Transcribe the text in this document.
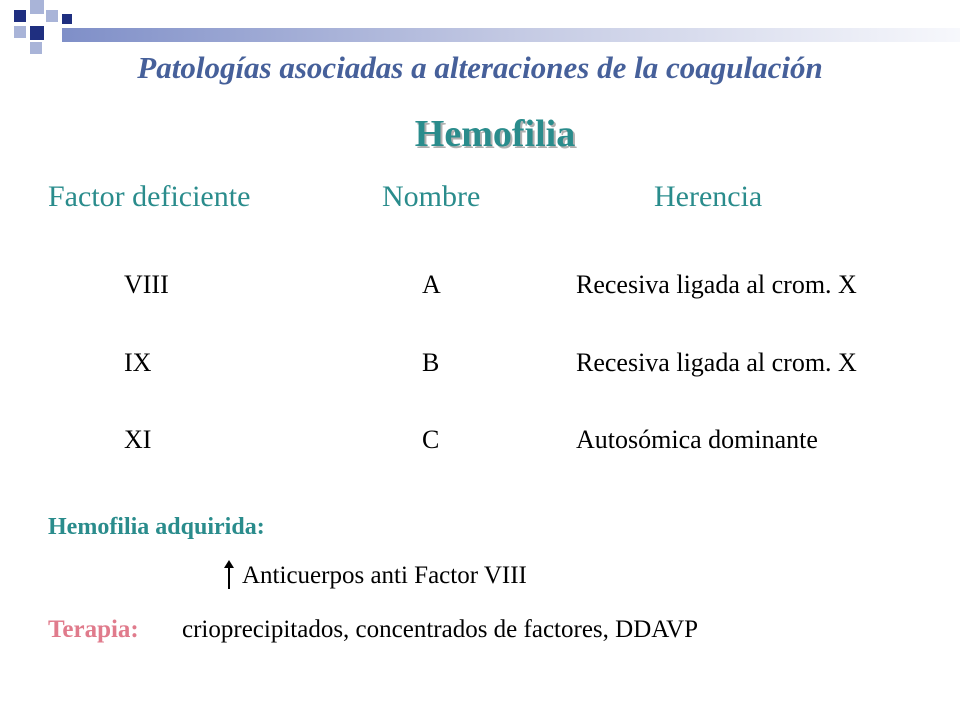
Patologías asociadas a alteraciones de la coagulación
Hemofilia
Factor deficiente	Nombre	Herencia
VIII	A	Recesiva ligada al crom. X
IX	B	Recesiva ligada al crom. X
XI	C	Autosómica dominante
Hemofilia adquirida:
Anticuerpos anti Factor VIII
Terapia: crioprecipitados, concentrados de factores, DDAVP
